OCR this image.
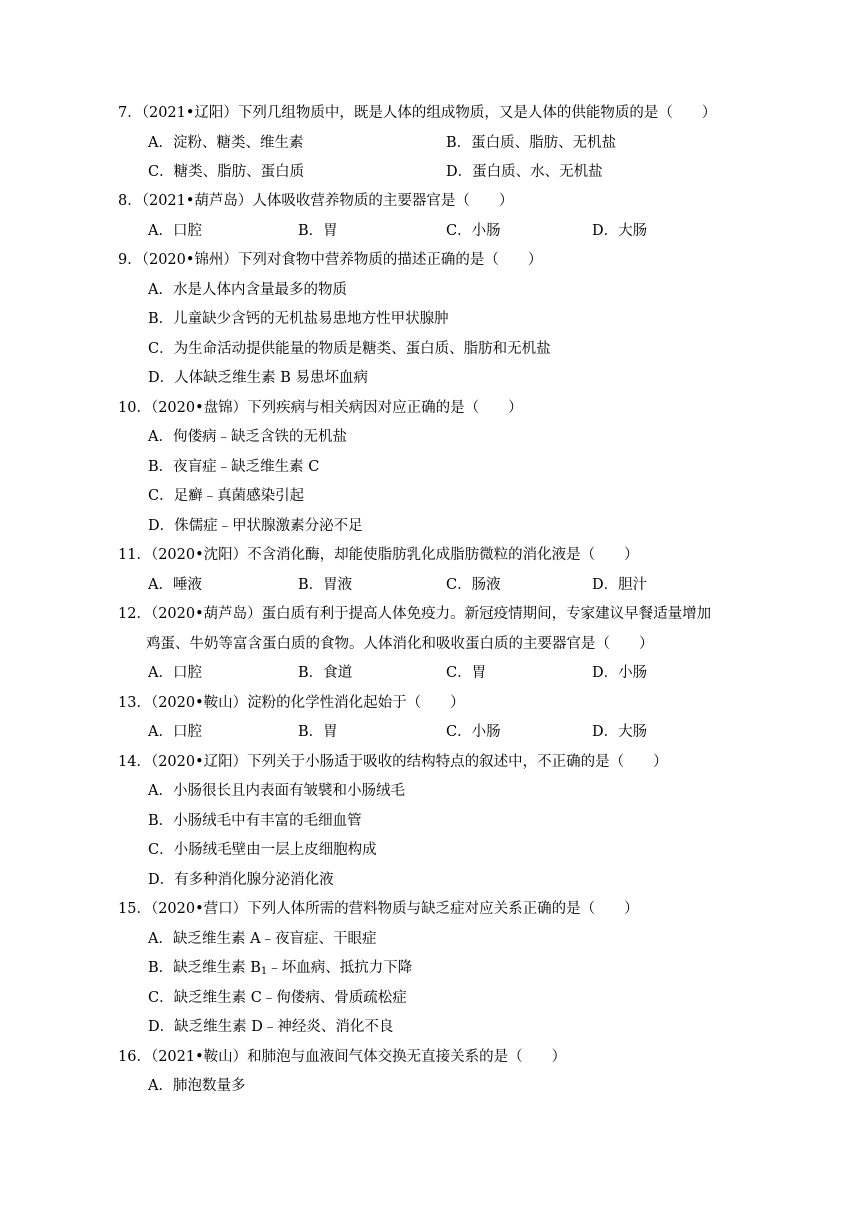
7．（2021•辽阳）下列几组物质中，既是人体的组成物质，又是人体的供能物质的是（　　）
A．淀粉、糖类、维生素	B．蛋白质、脂肪、无机盐
C．糖类、脂肪、蛋白质	D．蛋白质、水、无机盐
8．（2021•葫芦岛）人体吸收营养物质的主要器官是（　　）
A．口腔	B．胃	C．小肠	D．大肠
9．（2020•锦州）下列对食物中营养物质的描述正确的是（　　）
A．水是人体内含量最多的物质
B．儿童缺少含钙的无机盐易患地方性甲状腺肿
C．为生命活动提供能量的物质是糖类、蛋白质、脂肪和无机盐
D．人体缺乏维生素 B 易患坏血病
10．（2020•盘锦）下列疾病与相关病因对应正确的是（　　）
A．佝偻病﹣缺乏含铁的无机盐
B．夜盲症﹣缺乏维生素 C
C．足癣﹣真菌感染引起
D．侏儒症﹣甲状腺激素分泌不足
11．（2020•沈阳）不含消化酶，却能使脂肪乳化成脂肪微粒的消化液是（　　）
A．唾液	B．胃液	C．肠液	D．胆汁
12．（2020•葫芦岛）蛋白质有利于提高人体免疫力。新冠疫情期间，专家建议早餐适量增加
鸡蛋、牛奶等富含蛋白质的食物。人体消化和吸收蛋白质的主要器官是（　　）
A．口腔	B．食道	C．胃	D．小肠
13．（2020•鞍山）淀粉的化学性消化起始于（　　）
A．口腔	B．胃	C．小肠	D．大肠
14．（2020•辽阳）下列关于小肠适于吸收的结构特点的叙述中，不正确的是（　　）
A．小肠很长且内表面有皱襞和小肠绒毛
B．小肠绒毛中有丰富的毛细血管
C．小肠绒毛壁由一层上皮细胞构成
D．有多种消化腺分泌消化液
15．（2020•营口）下列人体所需的营料物质与缺乏症对应关系正确的是（　　）
A．缺乏维生素 A﹣夜盲症、干眼症
B．缺乏维生素 $B_1﹣$坏血病、抵抗力下降
C．缺乏维生素 C﹣佝偻病、骨质疏松症
D．缺乏维生素 D﹣神经炎、消化不良
16．（2021•鞍山）和肺泡与血液间气体交换无直接关系的是（　　）
A．肺泡数量多
